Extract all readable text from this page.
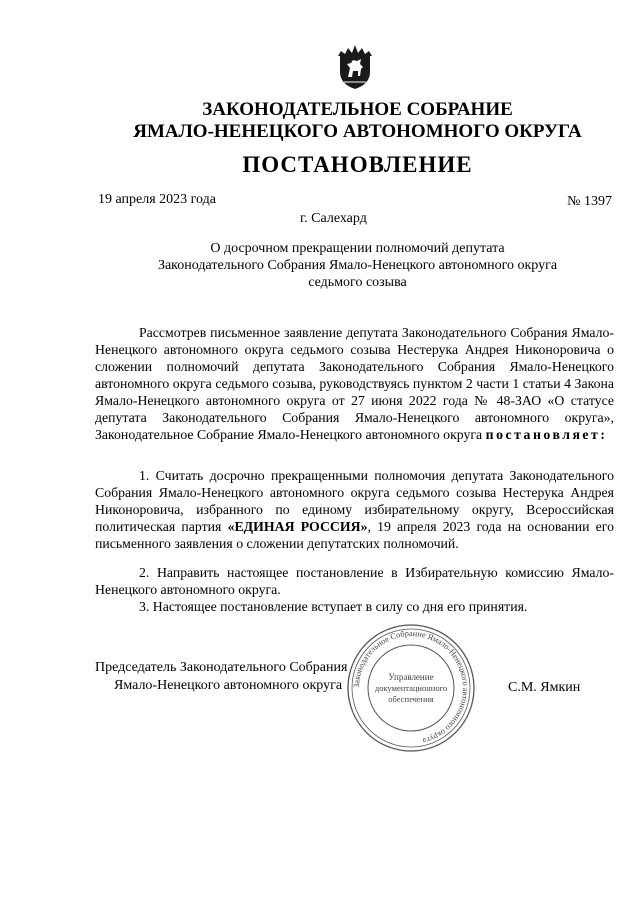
ЗАКОНОДАТЕЛЬНОЕ СОБРАНИЕ
ЯМАЛО-НЕНЕЦКОГО АВТОНОМНОГО ОКРУГА
ПОСТАНОВЛЕНИЕ
19 апреля 2023 года	№ 1397
г. Салехард
О досрочном прекращении полномочий депутата
Законодательного Собрания Ямало-Ненецкого автономного округа
седьмого созыва

Рассмотрев письменное заявление депутата Законодательного Собрания Ямало-Ненецкого автономного округа седьмого созыва Нестерука Андрея Никоноровича о сложении полномочий депутата Законодательного Собрания Ямало-Ненецкого автономного округа седьмого созыва, руководствуясь пунктом 2 части 1 статьи 4 Закона Ямало-Ненецкого автономного округа от 27 июня 2022 года № 48-ЗАО «О статусе депутата Законодательного Собрания Ямало-Ненецкого автономного округа», Законодательное Собрание Ямало-Ненецкого автономного округа постановляет:

1. Считать досрочно прекращенными полномочия депутата Законодательного Собрания Ямало-Ненецкого автономного округа седьмого созыва Нестерука Андрея Никоноровича, избранного по единому избирательному округу, Всероссийская политическая партия «ЕДИНАЯ РОССИЯ», 19 апреля 2023 года на основании его письменного заявления о сложении депутатских полномочий.

2. Направить настоящее постановление в Избирательную комиссию Ямало-Ненецкого автономного округа.

3. Настоящее постановление вступает в силу со дня его принятия.

Председатель Законодательного Собрания
Ямало-Ненецкого автономного округа	С.М. Ямкин
Законодательное Собрание Ямало-Ненецкого автономного округа
Управление
документационного
обеспечения
